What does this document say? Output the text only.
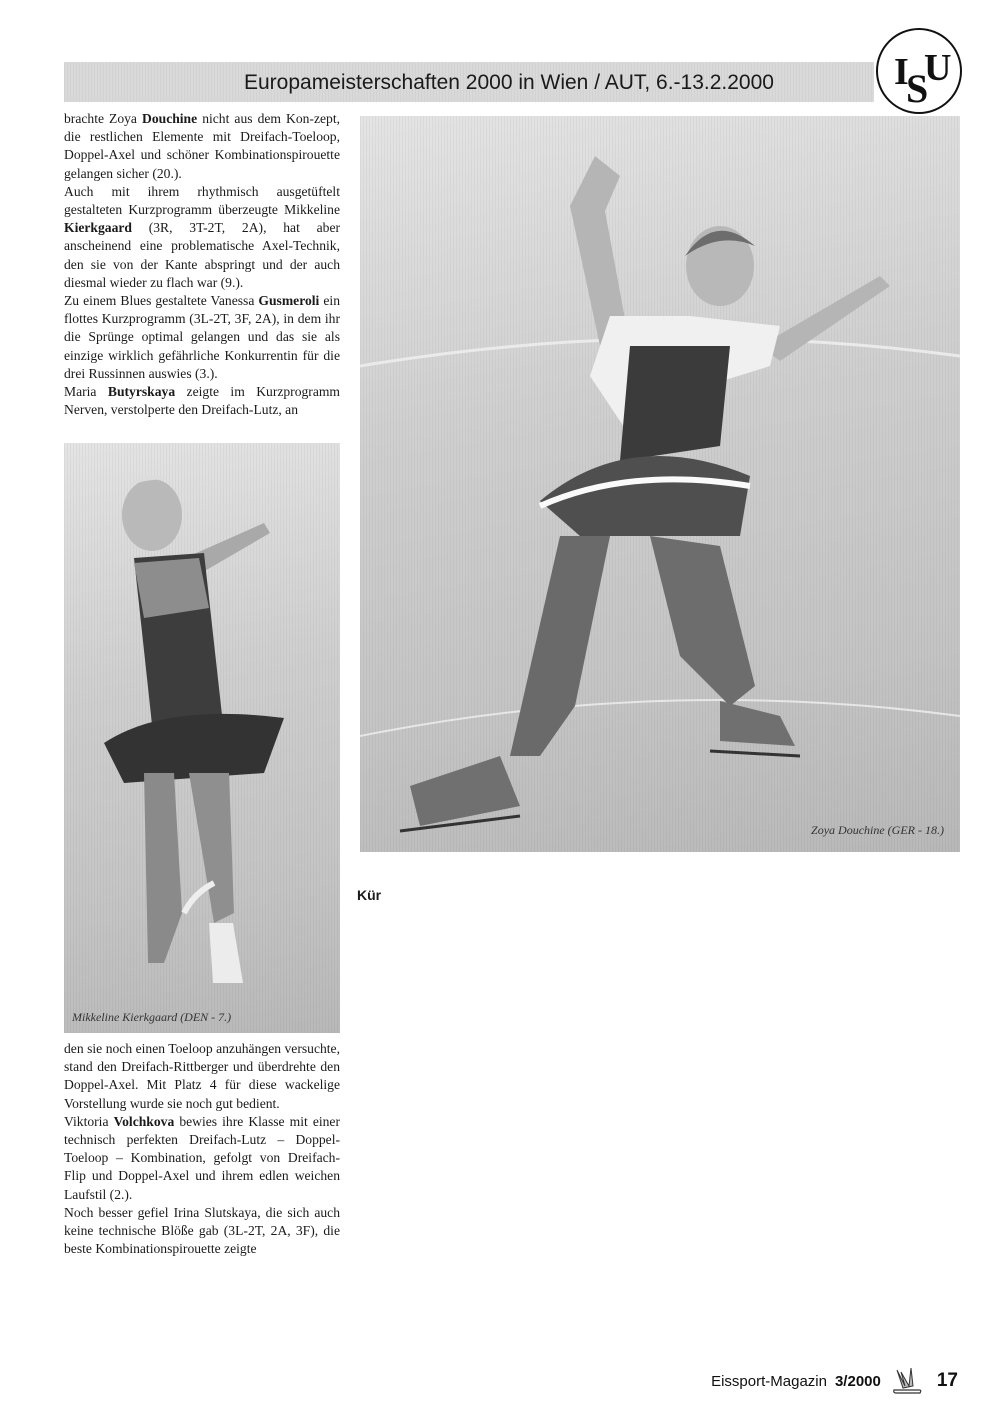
Europameisterschaften 2000 in Wien / AUT, 6.-13.2.2000	I
S
U

brachte Zoya Douchine nicht aus dem Kon-zept, die restlichen Elemente mit Dreifach-Toeloop, Doppel-Axel und schöner Kombinationspirouette gelangen sicher (20.).

Auch mit ihrem rhythmisch ausgetüftelt gestalteten Kurzprogramm überzeugte Mikkeline Kierkgaard (3R, 3T-2T, 2A), hat aber anscheinend eine problematische Axel-Technik, den sie von der Kante abspringt und der auch diesmal wieder zu flach war (9.).

Zu einem Blues gestaltete Vanessa Gusmeroli ein flottes Kurzprogramm (3L-2T, 3F, 2A), in dem ihr die Sprünge optimal gelangen und das sie als einzige wirklich gefährliche Konkurrentin für die drei Russinnen auswies (3.).

Maria Butyrskaya zeigte im Kurzprogramm Nerven, verstolperte den Dreifach-Lutz, an

Mikkeline Kierkgaard (DEN - 7.)

den sie noch einen Toeloop anzuhängen versuchte, stand den Dreifach-Rittberger und überdrehte den Doppel-Axel. Mit Platz 4 für diese wackelige Vorstellung wurde sie noch gut bedient.

Viktoria Volchkova bewies ihre Klasse mit einer technisch perfekten Dreifach-Lutz – Doppel-Toeloop – Kombination, gefolgt von Dreifach-Flip und Doppel-Axel und ihrem edlen weichen Laufstil (2.).

Noch besser gefiel Irina Slutskaya, die sich auch keine technische Blöße gab (3L-2T, 2A, 3F), die beste Kombinationspirouette zeigte

Zoya Douchine (GER - 18.)
Kür
Eissport-Magazin 3/2000	17
